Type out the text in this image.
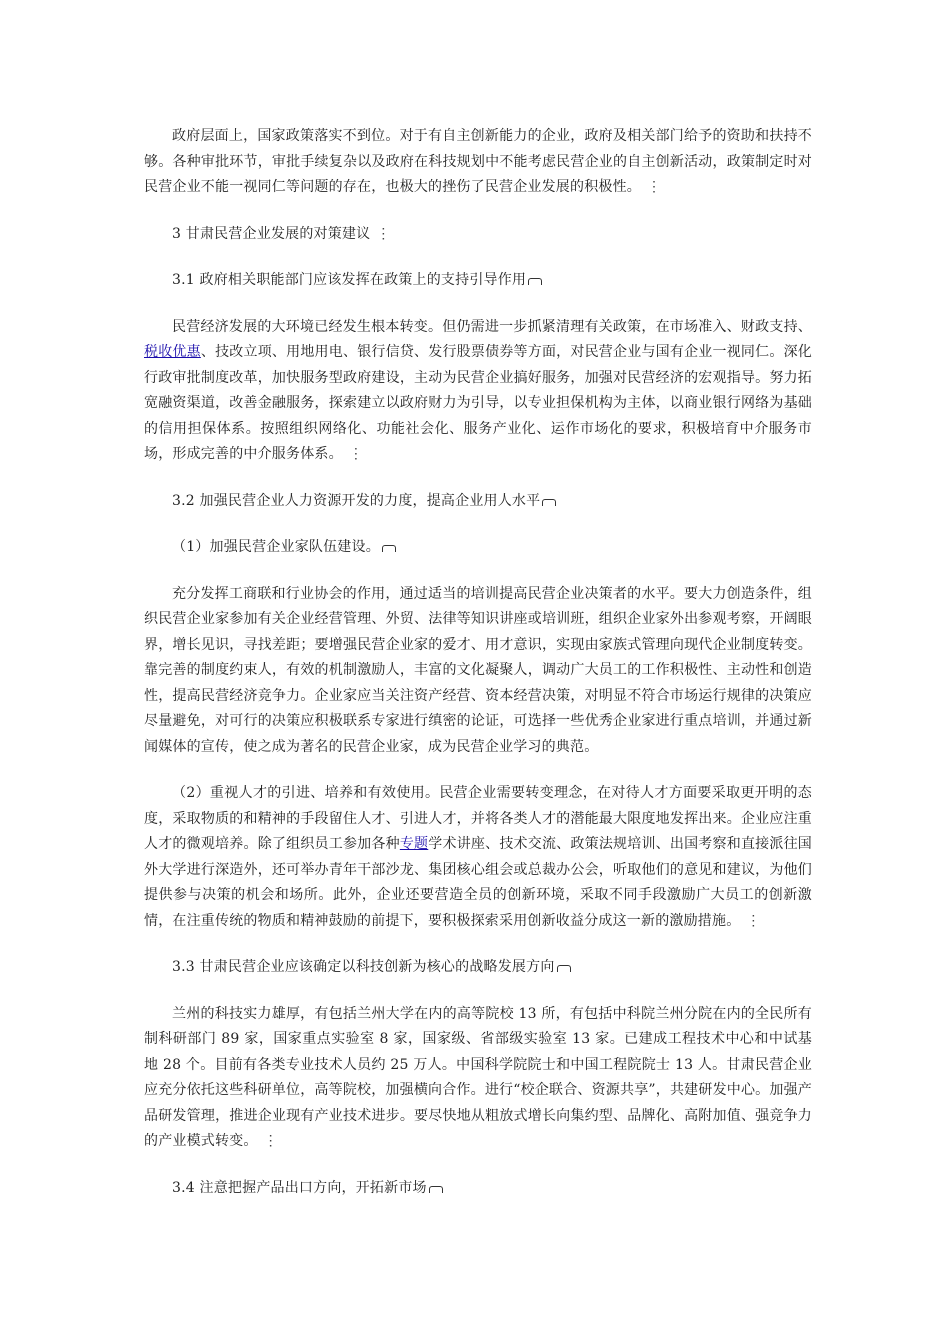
政府层面上，国家政策落实不到位。对于有自主创新能力的企业，政府及相关部门给予的资助和扶持不够。各种审批环节，审批手续复杂以及政府在科技规划中不能考虑民营企业的自主创新活动，政策制定时对民营企业不能一视同仁等问题的存在，也极大的挫伤了民营企业发展的积极性。 ⋮

3 甘肃民营企业发展的对策建议 ⋮

3.1 政府相关职能部门应该发挥在政策上的支持引导作用

民营经济发展的大环境已经发生根本转变。但仍需进一步抓紧清理有关政策，在市场准入、财政支持、税收优惠、技改立项、用地用电、银行信贷、发行股票债券等方面，对民营企业与国有企业一视同仁。深化行政审批制度改革，加快服务型政府建设，主动为民营企业搞好服务，加强对民营经济的宏观指导。努力拓宽融资渠道，改善金融服务，探索建立以政府财力为引导，以专业担保机构为主体，以商业银行网络为基础的信用担保体系。按照组织网络化、功能社会化、服务产业化、运作市场化的要求，积极培育中介服务市场，形成完善的中介服务体系。 ⋮

3.2 加强民营企业人力资源开发的力度，提高企业用人水平

（1）加强民营企业家队伍建设。

充分发挥工商联和行业协会的作用，通过适当的培训提高民营企业决策者的水平。要大力创造条件，组织民营企业家参加有关企业经营管理、外贸、法律等知识讲座或培训班，组织企业家外出参观考察，开阔眼界，增长见识，寻找差距；要增强民营企业家的爱才、用才意识，实现由家族式管理向现代企业制度转变。靠完善的制度约束人，有效的机制激励人，丰富的文化凝聚人，调动广大员工的工作积极性、主动性和创造性，提高民营经济竞争力。企业家应当关注资产经营、资本经营决策，对明显不符合市场运行规律的决策应尽量避免，对可行的决策应积极联系专家进行缜密的论证，可选择一些优秀企业家进行重点培训，并通过新闻媒体的宣传，使之成为著名的民营企业家，成为民营企业学习的典范。

（2）重视人才的引进、培养和有效使用。民营企业需要转变理念，在对待人才方面要采取更开明的态度，采取物质的和精神的手段留住人才、引进人才，并将各类人才的潜能最大限度地发挥出来。企业应注重人才的微观培养。除了组织员工参加各种专题学术讲座、技术交流、政策法规培训、出国考察和直接派往国外大学进行深造外，还可举办青年干部沙龙、集团核心组会或总裁办公会，听取他们的意见和建议，为他们提供参与决策的机会和场所。此外，企业还要营造全员的创新环境，采取不同手段激励广大员工的创新激情，在注重传统的物质和精神鼓励的前提下，要积极探索采用创新收益分成这一新的激励措施。 ⋮

3.3 甘肃民营企业应该确定以科技创新为核心的战略发展方向

兰州的科技实力雄厚，有包括兰州大学在内的高等院校 13 所，有包括中科院兰州分院在内的全民所有制科研部门 89 家，国家重点实验室 8 家，国家级、省部级实验室 13 家。已建成工程技术中心和中试基地 28 个。目前有各类专业技术人员约 25 万人。中国科学院院士和中国工程院院士 13 人。甘肃民营企业应充分依托这些科研单位，高等院校，加强横向合作。进行“校企联合、资源共享”，共建研发中心。加强产品研发管理，推进企业现有产业技术进步。要尽快地从粗放式增长向集约型、品牌化、高附加值、强竞争力的产业模式转变。 ⋮

3.4 注意把握产品出口方向，开拓新市场
